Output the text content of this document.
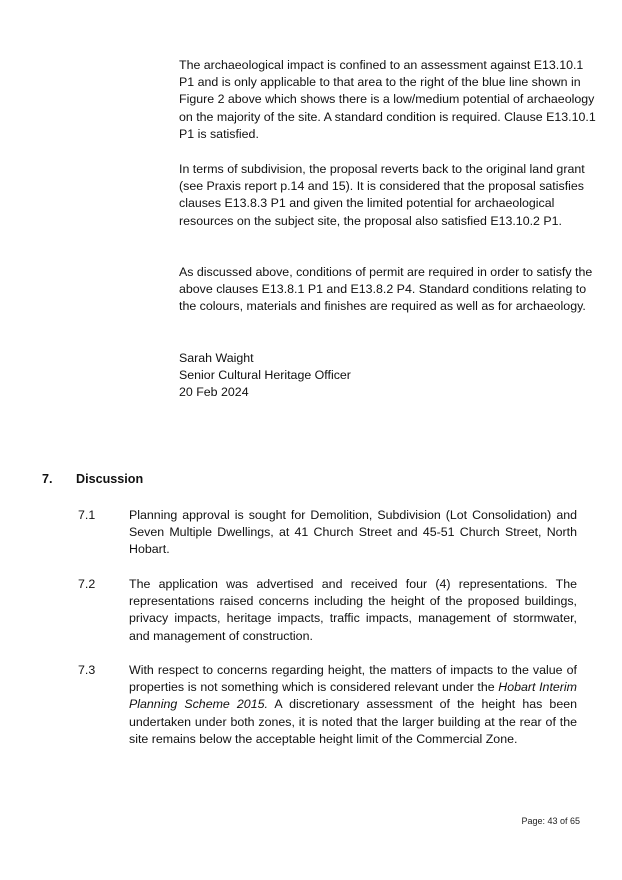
The archaeological impact is confined to an assessment against E13.10.1 P1 and is only applicable to that area to the right of the blue line shown in Figure 2 above which shows there is a low/medium potential of archaeology on the majority of the site. A standard condition is required. Clause E13.10.1 P1 is satisfied.

In terms of subdivision, the proposal reverts back to the original land grant (see Praxis report p.14 and 15). It is considered that the proposal satisfies clauses E13.8.3 P1 and given the limited potential for archaeological resources on the subject site, the proposal also satisfied E13.10.2 P1.

As discussed above, conditions of permit are required in order to satisfy the above clauses E13.8.1 P1 and E13.8.2 P4. Standard conditions relating to the colours, materials and finishes are required as well as for archaeology.

Sarah Waight

Senior Cultural Heritage Officer

20 Feb 2024

7. Discussion
7.1	Planning approval is sought for Demolition, Subdivision (Lot Consolidation) and Seven Multiple Dwellings, at 41 Church Street and 45-51 Church Street, North Hobart.
7.2	The application was advertised and received four (4) representations. The representations raised concerns including the height of the proposed buildings, privacy impacts, heritage impacts, traffic impacts, management of stormwater, and management of construction.
7.3	With respect to concerns regarding height, the matters of impacts to the value of properties is not something which is considered relevant under the Hobart Interim Planning Scheme 2015. A discretionary assessment of the height has been undertaken under both zones, it is noted that the larger building at the rear of the site remains below the acceptable height limit of the Commercial Zone.
Page: 43 of 65
